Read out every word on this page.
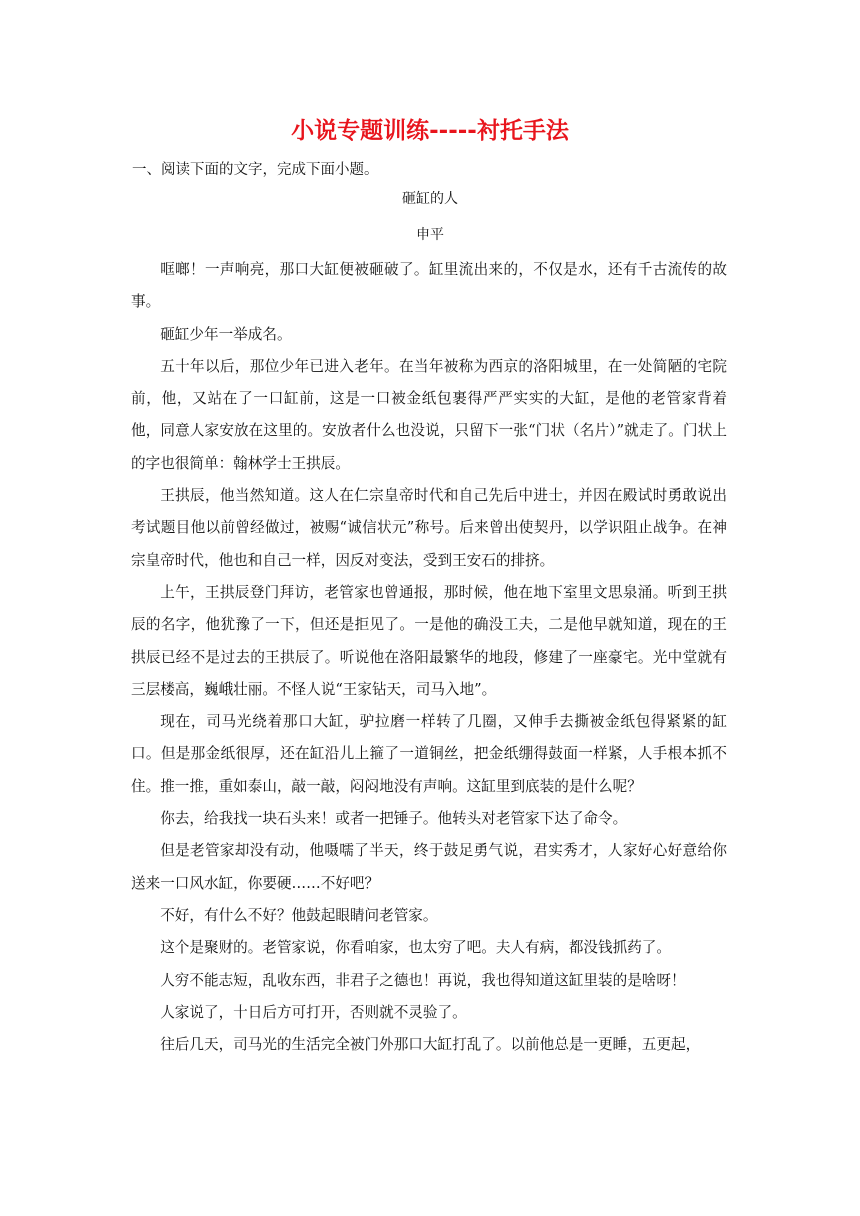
小说专题训练-----衬托手法

一、阅读下面的文字，完成下面小题。

砸缸的人

申平

哐啷！一声响亮，那口大缸便被砸破了。缸里流出来的，不仅是水，还有千古流传的故事。

砸缸少年一举成名。

五十年以后，那位少年已进入老年。在当年被称为西京的洛阳城里，在一处简陋的宅院前，他，又站在了一口缸前，这是一口被金纸包裹得严严实实的大缸，是他的老管家背着他，同意人家安放在这里的。安放者什么也没说，只留下一张“门状（名片）”就走了。门状上的字也很简单：翰林学士王拱辰。

王拱辰，他当然知道。这人在仁宗皇帝时代和自己先后中进士，并因在殿试时勇敢说出考试题目他以前曾经做过，被赐“诚信状元”称号。后来曾出使契丹，以学识阻止战争。在神宗皇帝时代，他也和自己一样，因反对变法，受到王安石的排挤。

上午，王拱辰登门拜访，老管家也曾通报，那时候，他在地下室里文思泉涌。听到王拱辰的名字，他犹豫了一下，但还是拒见了。一是他的确没工夫，二是他早就知道，现在的王拱辰已经不是过去的王拱辰了。听说他在洛阳最繁华的地段，修建了一座豪宅。光中堂就有三层楼高，巍峨壮丽。不怪人说“王家钻天，司马入地”。

现在，司马光绕着那口大缸，驴拉磨一样转了几圈，又伸手去撕被金纸包得紧紧的缸口。但是那金纸很厚，还在缸沿儿上箍了一道铜丝，把金纸绷得鼓面一样紧，人手根本抓不住。推一推，重如泰山，敲一敲，闷闷地没有声响。这缸里到底装的是什么呢？

你去，给我找一块石头来！或者一把锤子。他转头对老管家下达了命令。

但是老管家却没有动，他嗫嚅了半天，终于鼓足勇气说，君实秀才，人家好心好意给你送来一口风水缸，你要硬……不好吧？

不好，有什么不好？他鼓起眼睛问老管家。

这个是聚财的。老管家说，你看咱家，也太穷了吧。夫人有病，都没钱抓药了。

人穷不能志短，乱收东西，非君子之德也！再说，我也得知道这缸里装的是啥呀！

人家说了，十日后方可打开，否则就不灵验了。

往后几天，司马光的生活完全被门外那口大缸打乱了。以前他总是一更睡，五更起，
